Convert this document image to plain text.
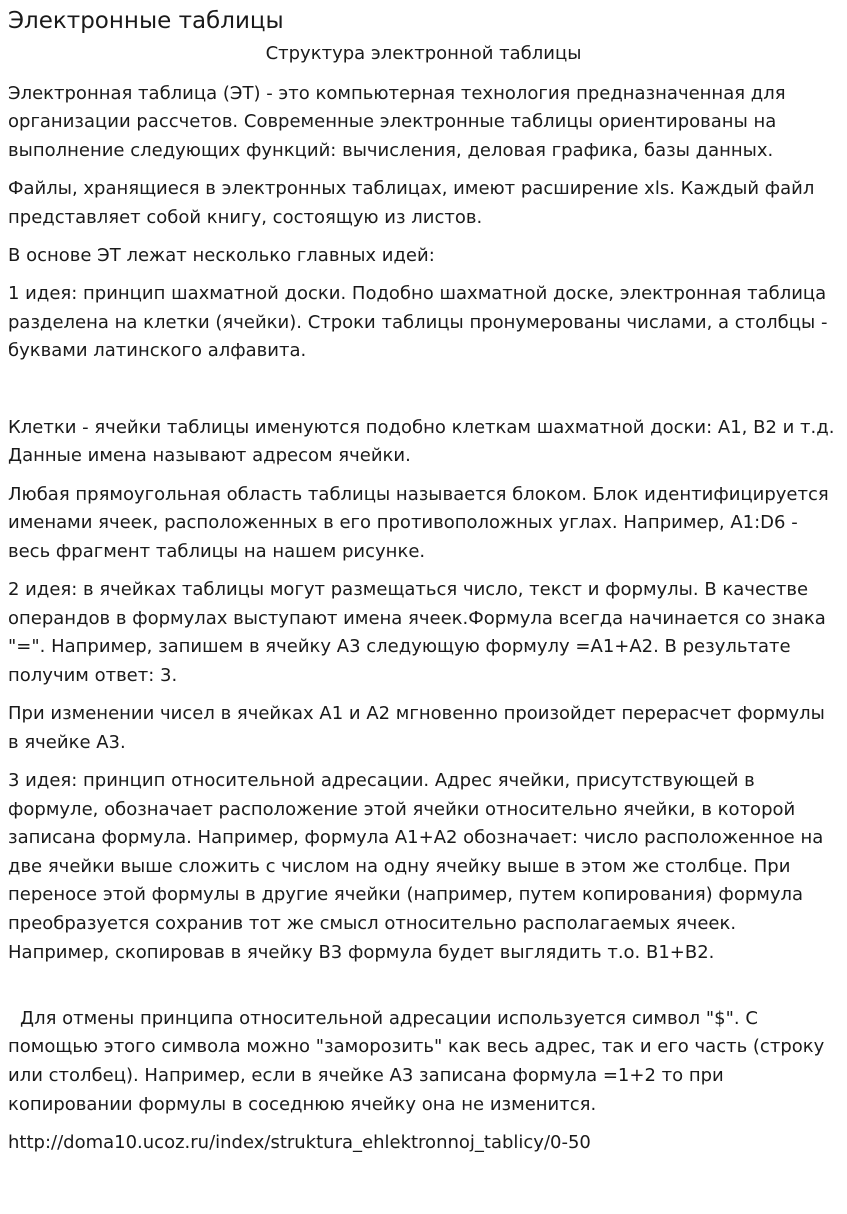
Электронные таблицы
Структура электронной таблицы

Электронная таблица (ЭТ) - это компьютерная технология предназначенная для организации рассчетов. Современные электронные таблицы ориентированы на выполнение следующих функций: вычисления, деловая графика, базы данных.

Файлы, хранящиеся в электронных таблицах, имеют расширение xls. Каждый файл представляет собой книгу, состоящую из листов.

В основе ЭТ лежат несколько главных идей:

1 идея: принцип шахматной доски. Подобно шахматной доске, электронная таблица разделена на клетки (ячейки). Строки таблицы пронумерованы числами, а столбцы - буквами латинского алфавита.

Клетки - ячейки таблицы именуются подобно клеткам шахматной доски: A1, B2 и т.д. Данные имена называют адресом ячейки.

Любая прямоугольная область таблицы называется блоком. Блок идентифицируется именами ячеек, расположенных в его противоположных углах. Например, A1:D6 - весь фрагмент таблицы на нашем рисунке.

2 идея: в ячейках таблицы могут размещаться число, текст и формулы. В качестве операндов в формулах выступают имена ячеек.Формула всегда начинается со знака "=". Например, запишем в ячейку A3 следующую формулу =A1+A2. В результате получим ответ: 3.

При изменении чисел в ячейках A1 и A2 мгновенно произойдет перерасчет формулы в ячейке A3.

3 идея: принцип относительной адресации. Адрес ячейки, присутствующей в формуле, обозначает расположение этой ячейки относительно ячейки, в которой записана формула. Например, формула A1+A2 обозначает: число расположенное на две ячейки выше сложить с числом на одну ячейку выше в этом же столбце. При переносе этой формулы в другие ячейки (например, путем копирования) формула преобразуется сохранив тот же смысл относительно располагаемых ячеек. Например, скопировав в ячейку B3 формула будет выглядить т.о. B1+B2.

Для отмены принципа относительной адресации используется символ "$". С помощью этого символа можно "заморозить" как весь адрес, так и его часть (строку или столбец). Например, если в ячейке A3 записана формула =1+2 то при копировании формулы в соседнюю ячейку она не изменится.

http://doma10.ucoz.ru/index/struktura_ehlektronnoj_tablicy/0-50
